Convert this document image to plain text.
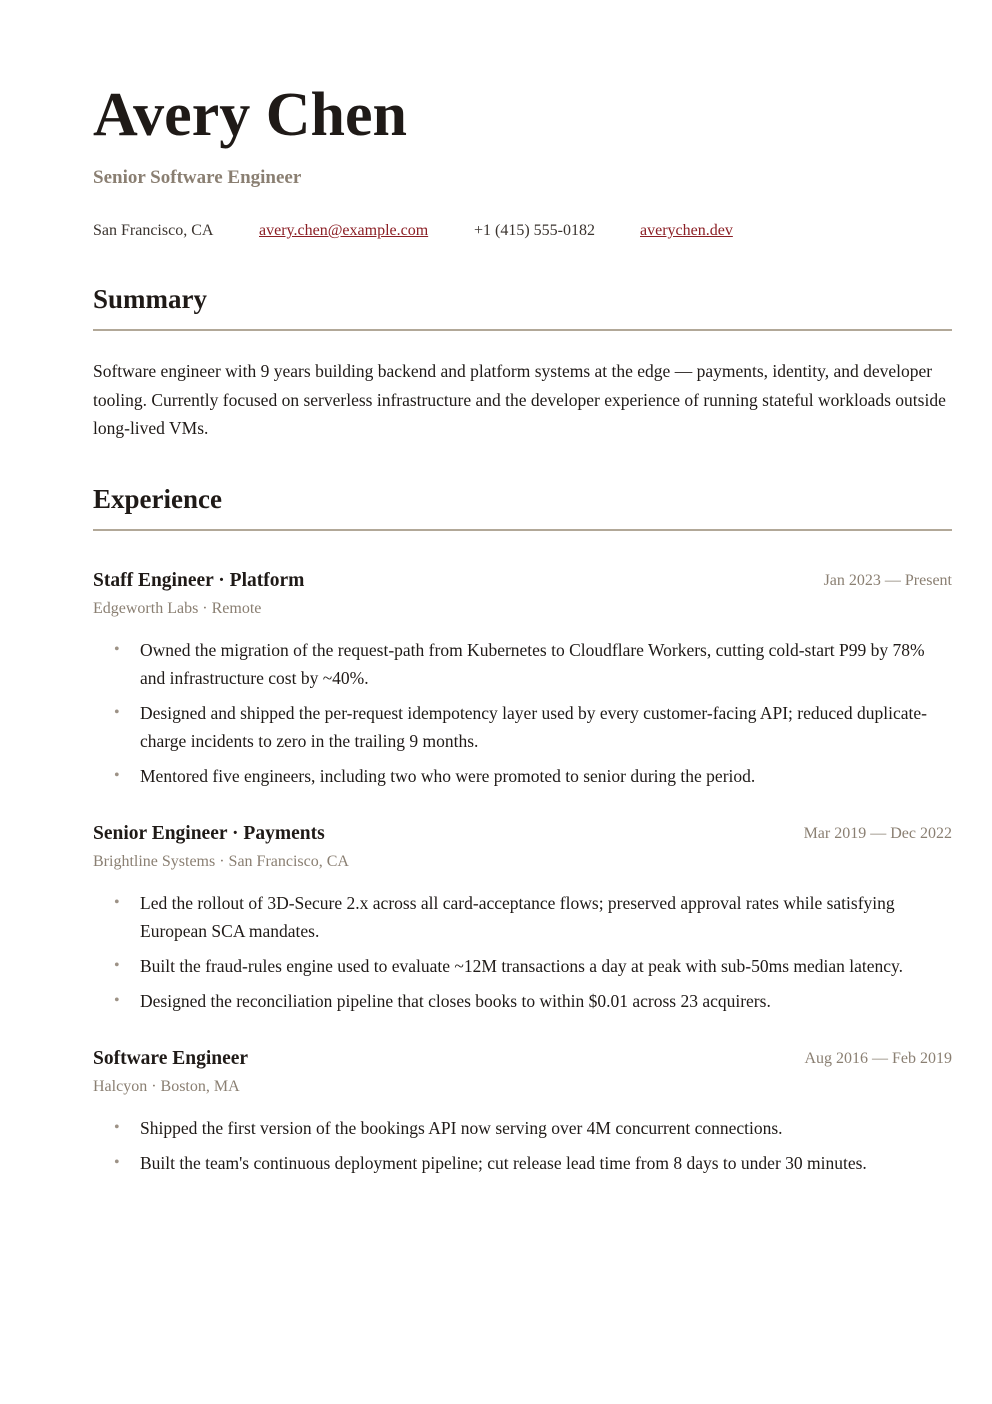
Avery Chen
Senior Software Engineer
San Francisco, CA	avery.chen@example.com	+1 (415) 555-0182	averychen.dev
Summary

Software engineer with 9 years building backend and platform systems at the edge — payments, identity, and developer tooling. Currently focused on serverless infrastructure and the developer experience of running stateful workloads outside long-lived VMs.

Experience
Staff Engineer · Platform	Jan 2023 — Present
Edgeworth Labs · Remote
• Owned the migration of the request-path from Kubernetes to Cloudflare Workers, cutting cold-start P99 by 78% and infrastructure cost by ~40%.
• Designed and shipped the per-request idempotency layer used by every customer-facing API; reduced duplicate-charge incidents to zero in the trailing 9 months.
• Mentored five engineers, including two who were promoted to senior during the period.
Senior Engineer · Payments	Mar 2019 — Dec 2022
Brightline Systems · San Francisco, CA
• Led the rollout of 3D-Secure 2.x across all card-acceptance flows; preserved approval rates while satisfying European SCA mandates.
• Built the fraud-rules engine used to evaluate ~12M transactions a day at peak with sub-50ms median latency.
• Designed the reconciliation pipeline that closes books to within $0.01 across 23 acquirers.
Software Engineer	Aug 2016 — Feb 2019
Halcyon · Boston, MA
• Shipped the first version of the bookings API now serving over 4M concurrent connections.
• Built the team's continuous deployment pipeline; cut release lead time from 8 days to under 30 minutes.
